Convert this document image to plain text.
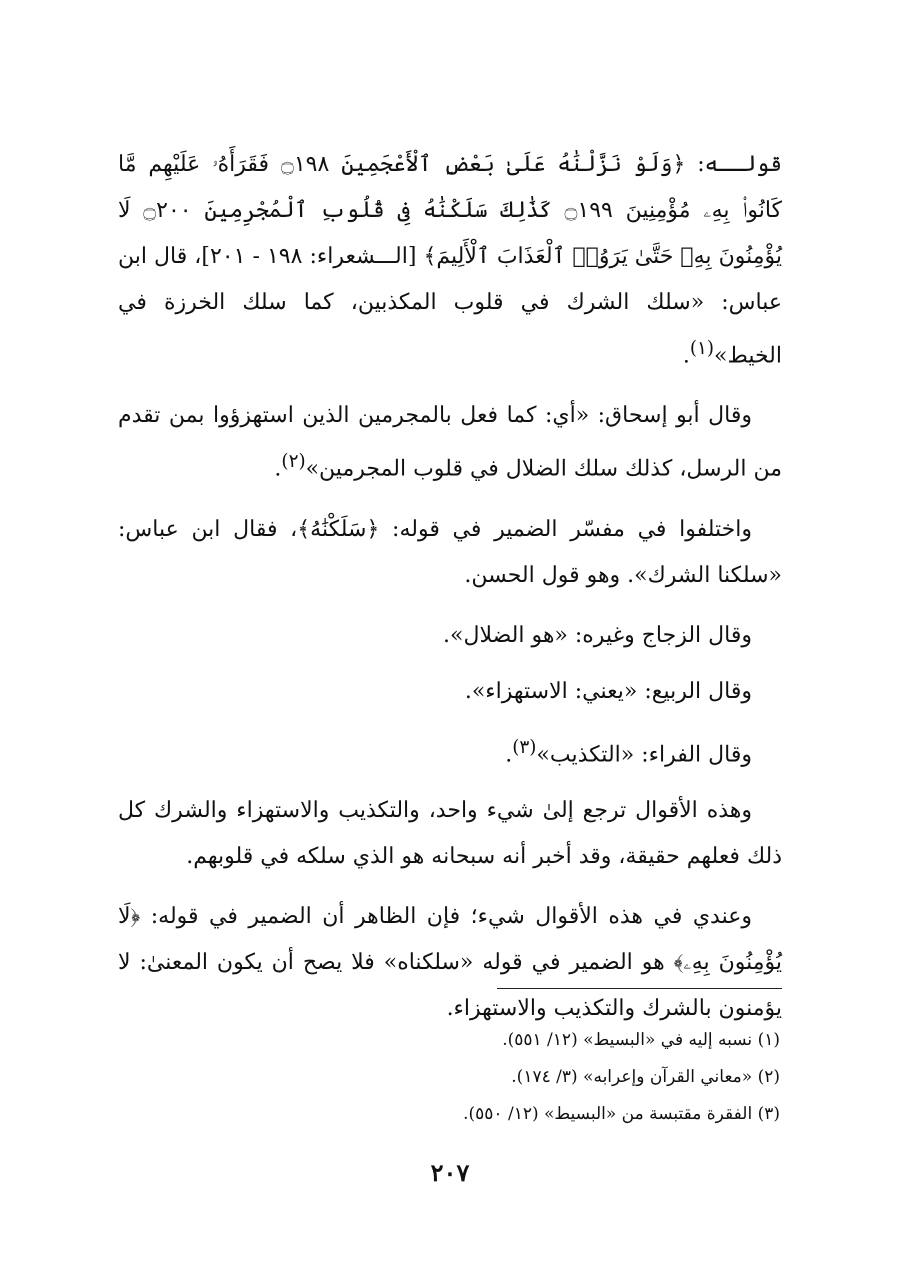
قولــه: ﴿وَلَوْ نَزَّلْنَٰهُ عَلَىٰ بَعْضِ ٱلْأَعْجَمِينَ ۝١٩٨ فَقَرَأَهُۥ عَلَيْهِم مَّا كَانُوا۟ بِهِۦ مُؤْمِنِينَ ۝١٩٩ كَذَٰلِكَ سَلَكْنَٰهُ فِى قُلُوبِ ٱلْمُجْرِمِينَ ۝٢٠٠ لَا يُؤْمِنُونَ بِهِۦ حَتَّىٰ يَرَوُا۟ ٱلْعَذَابَ ٱلْأَلِيمَ﴾ [الـــشعراء: ١٩٨ - ٢٠١]، قال ابن عباس: «سلك الشرك في قلوب المكذبين، كما سلك الخرزة في الخيط»$^{(١)}$.

وقال أبو إسحاق: «أي: كما فعل بالمجرمين الذين استهزؤوا بمن تقدم من الرسل، كذلك سلك الضلال في قلوب المجرمين»$^{(٢)}$.

واختلفوا في مفسّر الضمير في قوله: ﴿سَلَكْنَٰهُ﴾، فقال ابن عباس: «سلكنا الشرك». وهو قول الحسن.

وقال الزجاج وغيره: «هو الضلال».

وقال الربيع: «يعني: الاستهزاء».

وقال الفراء: «التكذيب»$^{(٣)}$.

وهذه الأقوال ترجع إلىٰ شيء واحد، والتكذيب والاستهزاء والشرك كل ذلك فعلهم حقيقة، وقد أخبر أنه سبحانه هو الذي سلكه في قلوبهم.

وعندي في هذه الأقوال شيء؛ فإن الظاهر أن الضمير في قوله: ﴿لَا يُؤْمِنُونَ بِهِۦ﴾ هو الضمير في قوله «سلكناه» فلا يصح أن يكون المعنىٰ: لا يؤمنون بالشرك والتكذيب والاستهزاء.

(١) نسبه إليه في «البسيط» (١٢/ ٥٥١).

(٢) «معاني القرآن وإعرابه» (٣/ ١٧٤).

(٣) الفقرة مقتبسة من «البسيط» (١٢/ ٥٥٠).

٢٠٧
